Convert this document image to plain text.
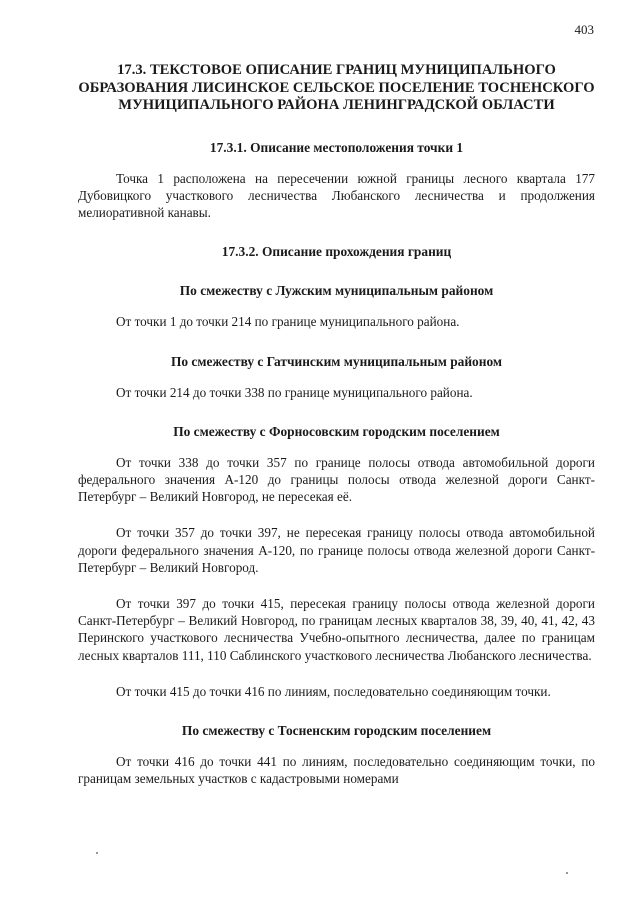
403
17.3. ТЕКСТОВОЕ ОПИСАНИЕ ГРАНИЦ МУНИЦИПАЛЬНОГО ОБРАЗОВАНИЯ ЛИСИНСКОЕ СЕЛЬСКОЕ ПОСЕЛЕНИЕ ТОСНЕНСКОГО МУНИЦИПАЛЬНОГО РАЙОНА ЛЕНИНГРАДСКОЙ ОБЛАСТИ
17.3.1. Описание местоположения точки 1

Точка 1 расположена на пересечении южной границы лесного квартала 177 Дубовицкого участкового лесничества Любанского лесничества и продолжения мелиоративной канавы.

17.3.2. Описание прохождения границ
По смежеству с Лужским муниципальным районом

От точки 1 до точки 214 по границе муниципального района.

По смежеству с Гатчинским муниципальным районом

От точки 214 до точки 338 по границе муниципального района.

По смежеству с Форносовским городским поселением

От точки 338 до точки 357 по границе полосы отвода автомобильной дороги федерального значения А-120 до границы полосы отвода железной дороги Санкт-Петербург – Великий Новгород, не пересекая её.

От точки 357 до точки 397, не пересекая границу полосы отвода автомобильной дороги федерального значения А-120, по границе полосы отвода железной дороги Санкт-Петербург – Великий Новгород.

От точки 397 до точки 415, пересекая границу полосы отвода железной дороги Санкт-Петербург – Великий Новгород, по границам лесных кварталов 38, 39, 40, 41, 42, 43 Перинского участкового лесничества Учебно-опытного лесничества, далее по границам лесных кварталов 111, 110 Саблинского участкового лесничества Любанского лесничества.

От точки 415 до точки 416 по линиям, последовательно соединяющим точки.

По смежеству с Тосненским городским поселением

От точки 416 до точки 441 по линиям, последовательно соединяющим точки, по границам земельных участков с кадастровыми номерами
